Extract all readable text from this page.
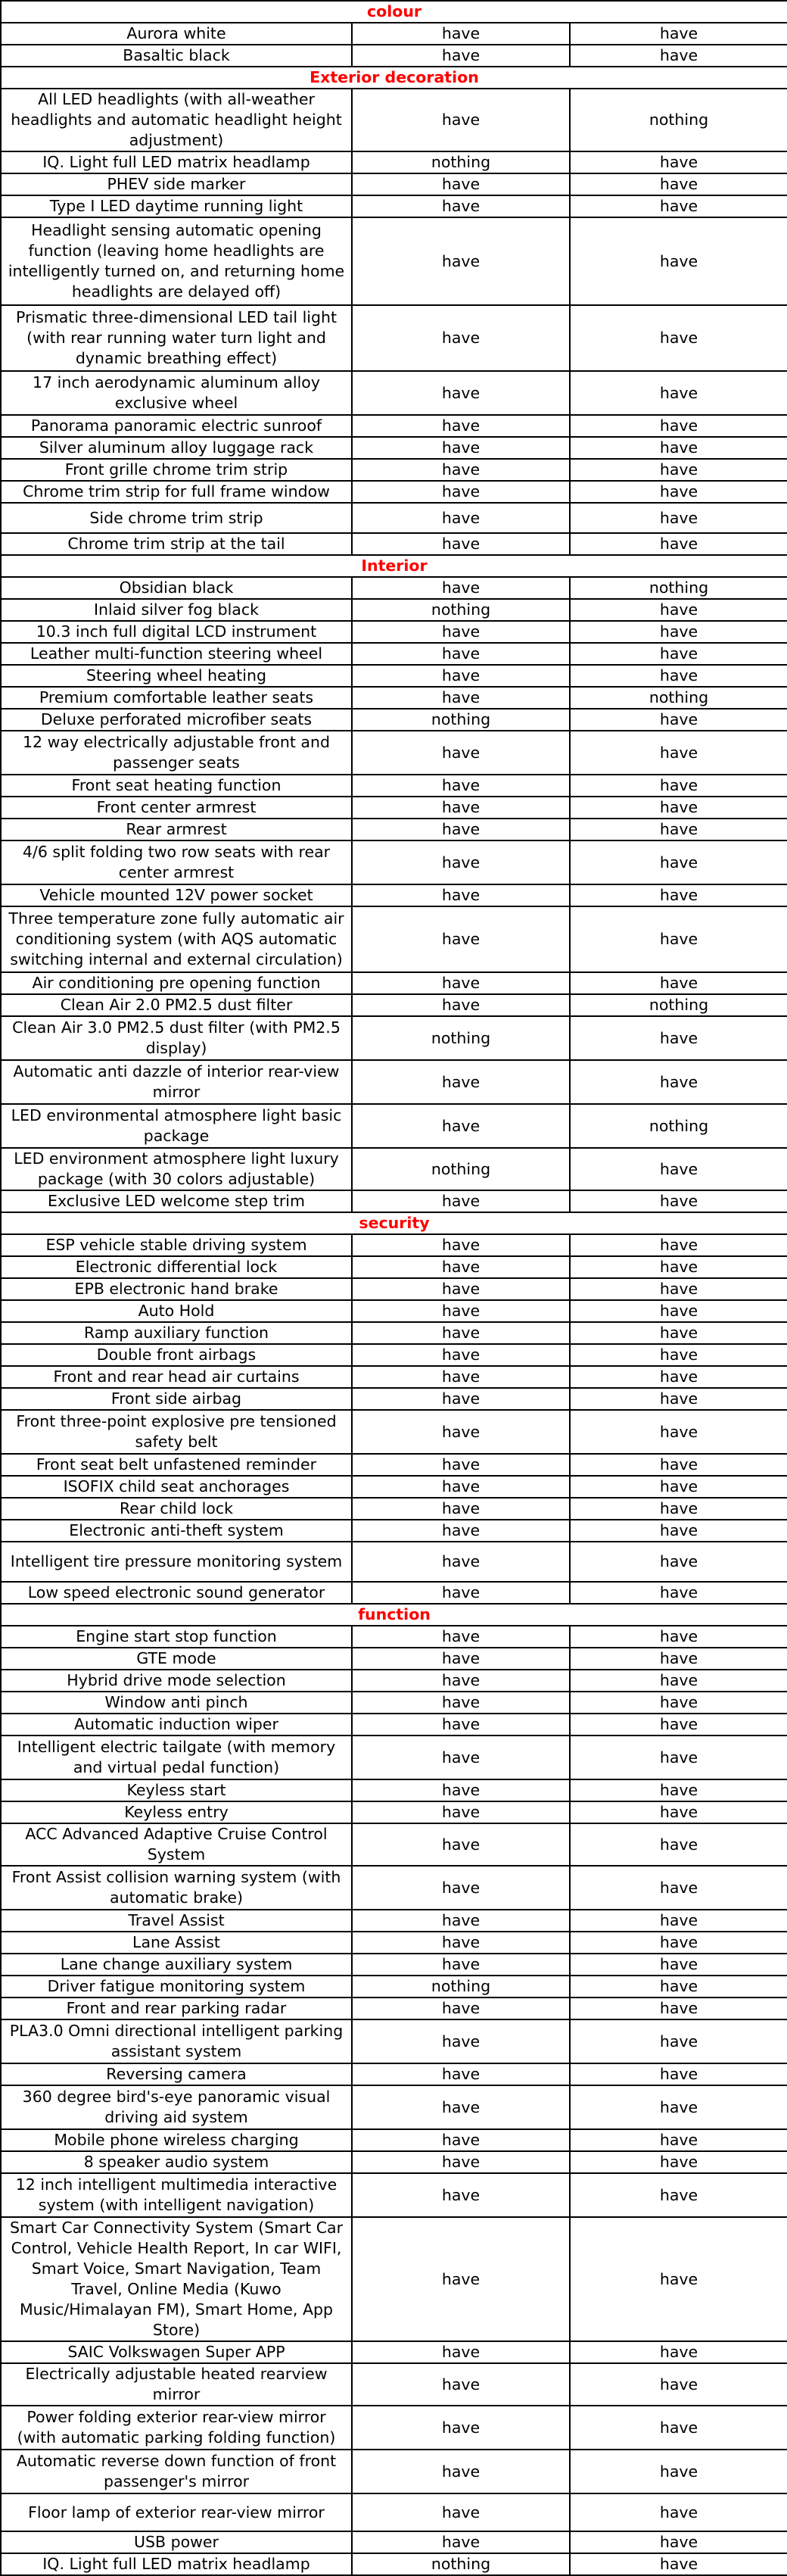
colour		
Aurora white	have	have
Basaltic black	have	have
Exterior decoration		
All LED headlights (with all-weather headlights and automatic headlight height adjustment)	have	nothing
IQ. Light full LED matrix headlamp	nothing	have
PHEV side marker	have	have
Type I LED daytime running light	have	have
Headlight sensing automatic opening function (leaving home headlights are intelligently turned on, and returning home headlights are delayed off)	have	have
Prismatic three-dimensional LED tail light (with rear running water turn light and dynamic breathing effect)	have	have
17 inch aerodynamic aluminum alloy exclusive wheel	have	have
Panorama panoramic electric sunroof	have	have
Silver aluminum alloy luggage rack	have	have
Front grille chrome trim strip	have	have
Chrome trim strip for full frame window	have	have
Side chrome trim strip	have	have
Chrome trim strip at the tail	have	have
Interior		
Obsidian black	have	nothing
Inlaid silver fog black	nothing	have
10.3 inch full digital LCD instrument	have	have
Leather multi-function steering wheel	have	have
Steering wheel heating	have	have
Premium comfortable leather seats	have	nothing
Deluxe perforated microfiber seats	nothing	have
12 way electrically adjustable front and passenger seats	have	have
Front seat heating function	have	have
Front center armrest	have	have
Rear armrest	have	have
4/6 split folding two row seats with rear center armrest	have	have
Vehicle mounted 12V power socket	have	have
Three temperature zone fully automatic air conditioning system (with AQS automatic switching internal and external circulation)	have	have
Air conditioning pre opening function	have	have
Clean Air 2.0 PM2.5 dust filter	have	nothing
Clean Air 3.0 PM2.5 dust filter (with PM2.5 display)	nothing	have
Automatic anti dazzle of interior rear-view mirror	have	have
LED environmental atmosphere light basic package	have	nothing
LED environment atmosphere light luxury package (with 30 colors adjustable)	nothing	have
Exclusive LED welcome step trim	have	have
security		
ESP vehicle stable driving system	have	have
Electronic differential lock	have	have
EPB electronic hand brake	have	have
Auto Hold	have	have
Ramp auxiliary function	have	have
Double front airbags	have	have
Front and rear head air curtains	have	have
Front side airbag	have	have
Front three-point explosive pre tensioned safety belt	have	have
Front seat belt unfastened reminder	have	have
ISOFIX child seat anchorages	have	have
Rear child lock	have	have
Electronic anti-theft system	have	have
Intelligent tire pressure monitoring system	have	have
Low speed electronic sound generator	have	have
function		
Engine start stop function	have	have
GTE mode	have	have
Hybrid drive mode selection	have	have
Window anti pinch	have	have
Automatic induction wiper	have	have
Intelligent electric tailgate (with memory and virtual pedal function)	have	have
Keyless start	have	have
Keyless entry	have	have
ACC Advanced Adaptive Cruise Control System	have	have
Front Assist collision warning system (with automatic brake)	have	have
Travel Assist	have	have
Lane Assist	have	have
Lane change auxiliary system	have	have
Driver fatigue monitoring system	nothing	have
Front and rear parking radar	have	have
PLA3.0 Omni directional intelligent parking assistant system	have	have
Reversing camera	have	have
360 degree bird's-eye panoramic visual driving aid system	have	have
Mobile phone wireless charging	have	have
8 speaker audio system	have	have
12 inch intelligent multimedia interactive system (with intelligent navigation)	have	have
Smart Car Connectivity System (Smart Car Control, Vehicle Health Report, In car WIFI, Smart Voice, Smart Navigation, Team Travel, Online Media (Kuwo Music/Himalayan FM), Smart Home, App Store)	have	have
SAIC Volkswagen Super APP	have	have
Electrically adjustable heated rearview mirror	have	have
Power folding exterior rear-view mirror (with automatic parking folding function)	have	have
Automatic reverse down function of front passenger's mirror	have	have
Floor lamp of exterior rear-view mirror	have	have
USB power	have	have
IQ. Light full LED matrix headlamp	nothing	have
